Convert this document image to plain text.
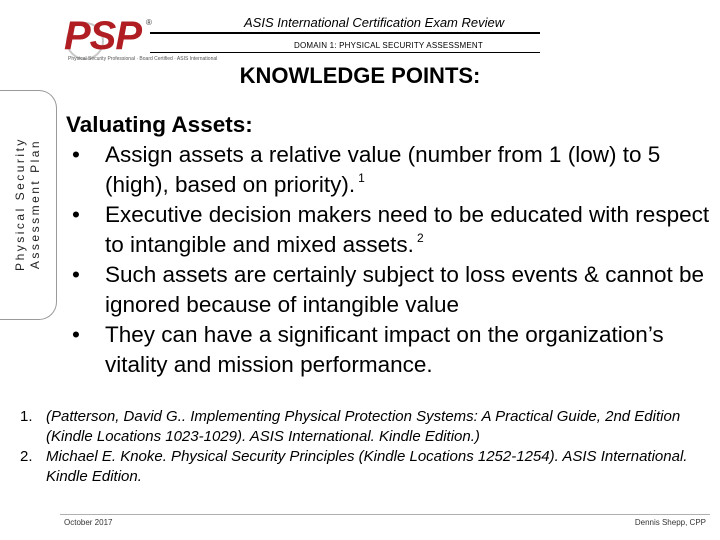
PSP ®
Physical Security Professional · Board Certified · ASIS International
ASIS International Certification Exam Review
DOMAIN 1: PHYSICAL SECURITY ASSESSMENT
KNOWLEDGE POINTS:
Physical Security Assessment Plan
Valuating Assets:
• Assign assets a relative value (number from 1 (low) to 5 (high), based on priority). $^1$
• Executive decision makers need to be educated with respect to intangible and mixed assets. $^2$
• Such assets are certainly subject to loss events & cannot be ignored because of intangible value
• They can have a significant impact on the organization’s vitality and mission performance.
1. (Patterson, David G.. Implementing Physical Protection Systems: A Practical Guide, 2nd Edition (Kindle Locations 1023-1029). ASIS International. Kindle Edition.)
2. Michael E. Knoke. Physical Security Principles (Kindle Locations 1252-1254). ASIS International. Kindle Edition.
October 2017	Dennis Shepp, CPP
